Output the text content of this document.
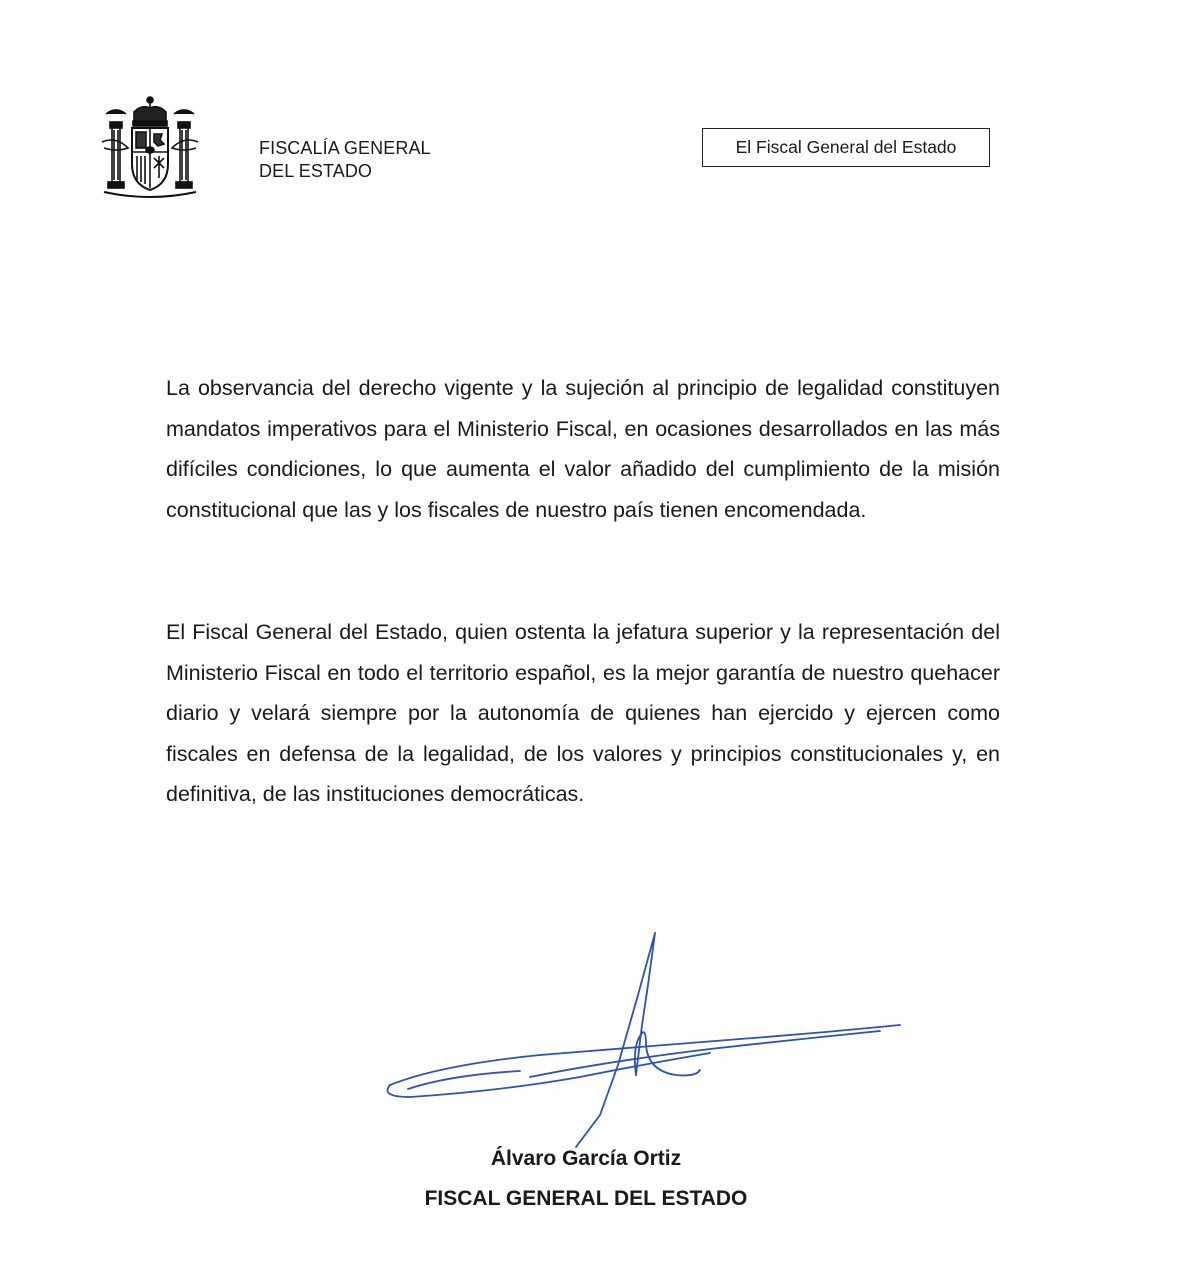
FISCALÍA GENERAL
DEL ESTADO
El Fiscal General del Estado

La observancia del derecho vigente y la sujeción al principio de legalidad constituyen mandatos imperativos para el Ministerio Fiscal, en ocasiones desarrollados en las más difíciles condiciones, lo que aumenta el valor añadido del cumplimiento de la misión constitucional que las y los fiscales de nuestro país tienen encomendada.

El Fiscal General del Estado, quien ostenta la jefatura superior y la representación del Ministerio Fiscal en todo el territorio español, es la mejor garantía de nuestro quehacer diario y velará siempre por la autonomía de quienes han ejercido y ejercen como fiscales en defensa de la legalidad, de los valores y principios constitucionales y, en definitiva, de las instituciones democráticas.

Álvaro García Ortiz
FISCAL GENERAL DEL ESTADO
